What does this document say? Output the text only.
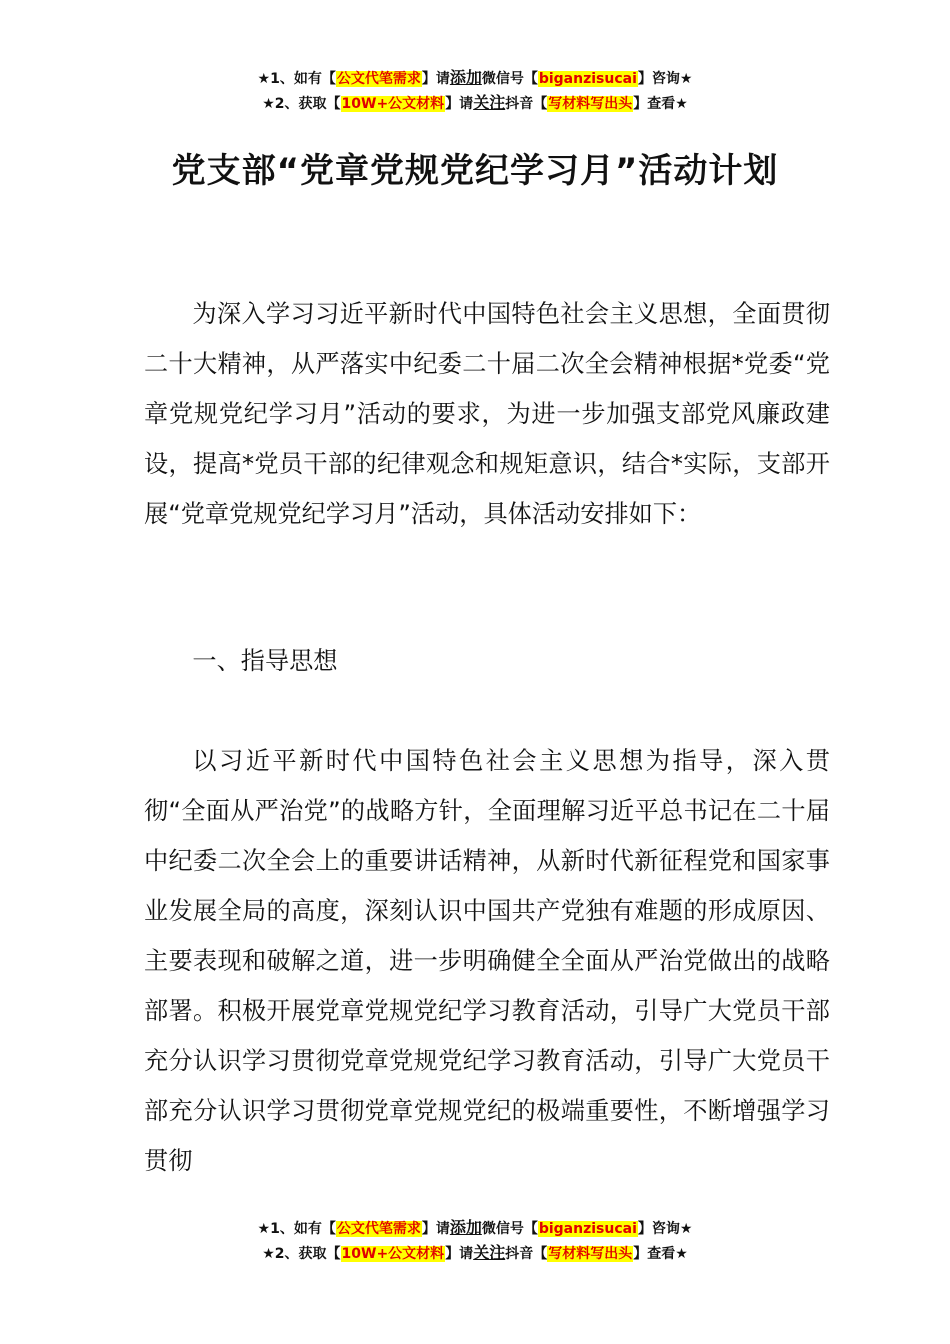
★1、如有【公文代笔需求】请添加微信号【biganzisucai】咨询★
★2、获取【10W+公文材料】请关注抖音【写材料写出头】查看★
党支部“党章党规党纪学习月”活动计划

为深入学习习近平新时代中国特色社会主义思想，全面贯彻二十大精神，从严落实中纪委二十届二次全会精神根据*党委“党章党规党纪学习月”活动的要求，为进一步加强支部党风廉政建设，提高*党员干部的纪律观念和规矩意识，结合*实际，支部开展“党章党规党纪学习月”活动，具体活动安排如下：

一、指导思想

以习近平新时代中国特色社会主义思想为指导，深入贯彻“全面从严治党”的战略方针，全面理解习近平总书记在二十届中纪委二次全会上的重要讲话精神，从新时代新征程党和国家事业发展全局的高度，深刻认识中国共产党独有难题的形成原因、主要表现和破解之道，进一步明确健全全面从严治党做出的战略部署。积极开展党章党规党纪学习教育活动，引导广大党员干部充分认识学习贯彻党章党规党纪学习教育活动，引导广大党员干部充分认识学习贯彻党章党规党纪的极端重要性，不断增强学习贯彻

★1、如有【公文代笔需求】请添加微信号【biganzisucai】咨询★
★2、获取【10W+公文材料】请关注抖音【写材料写出头】查看★
